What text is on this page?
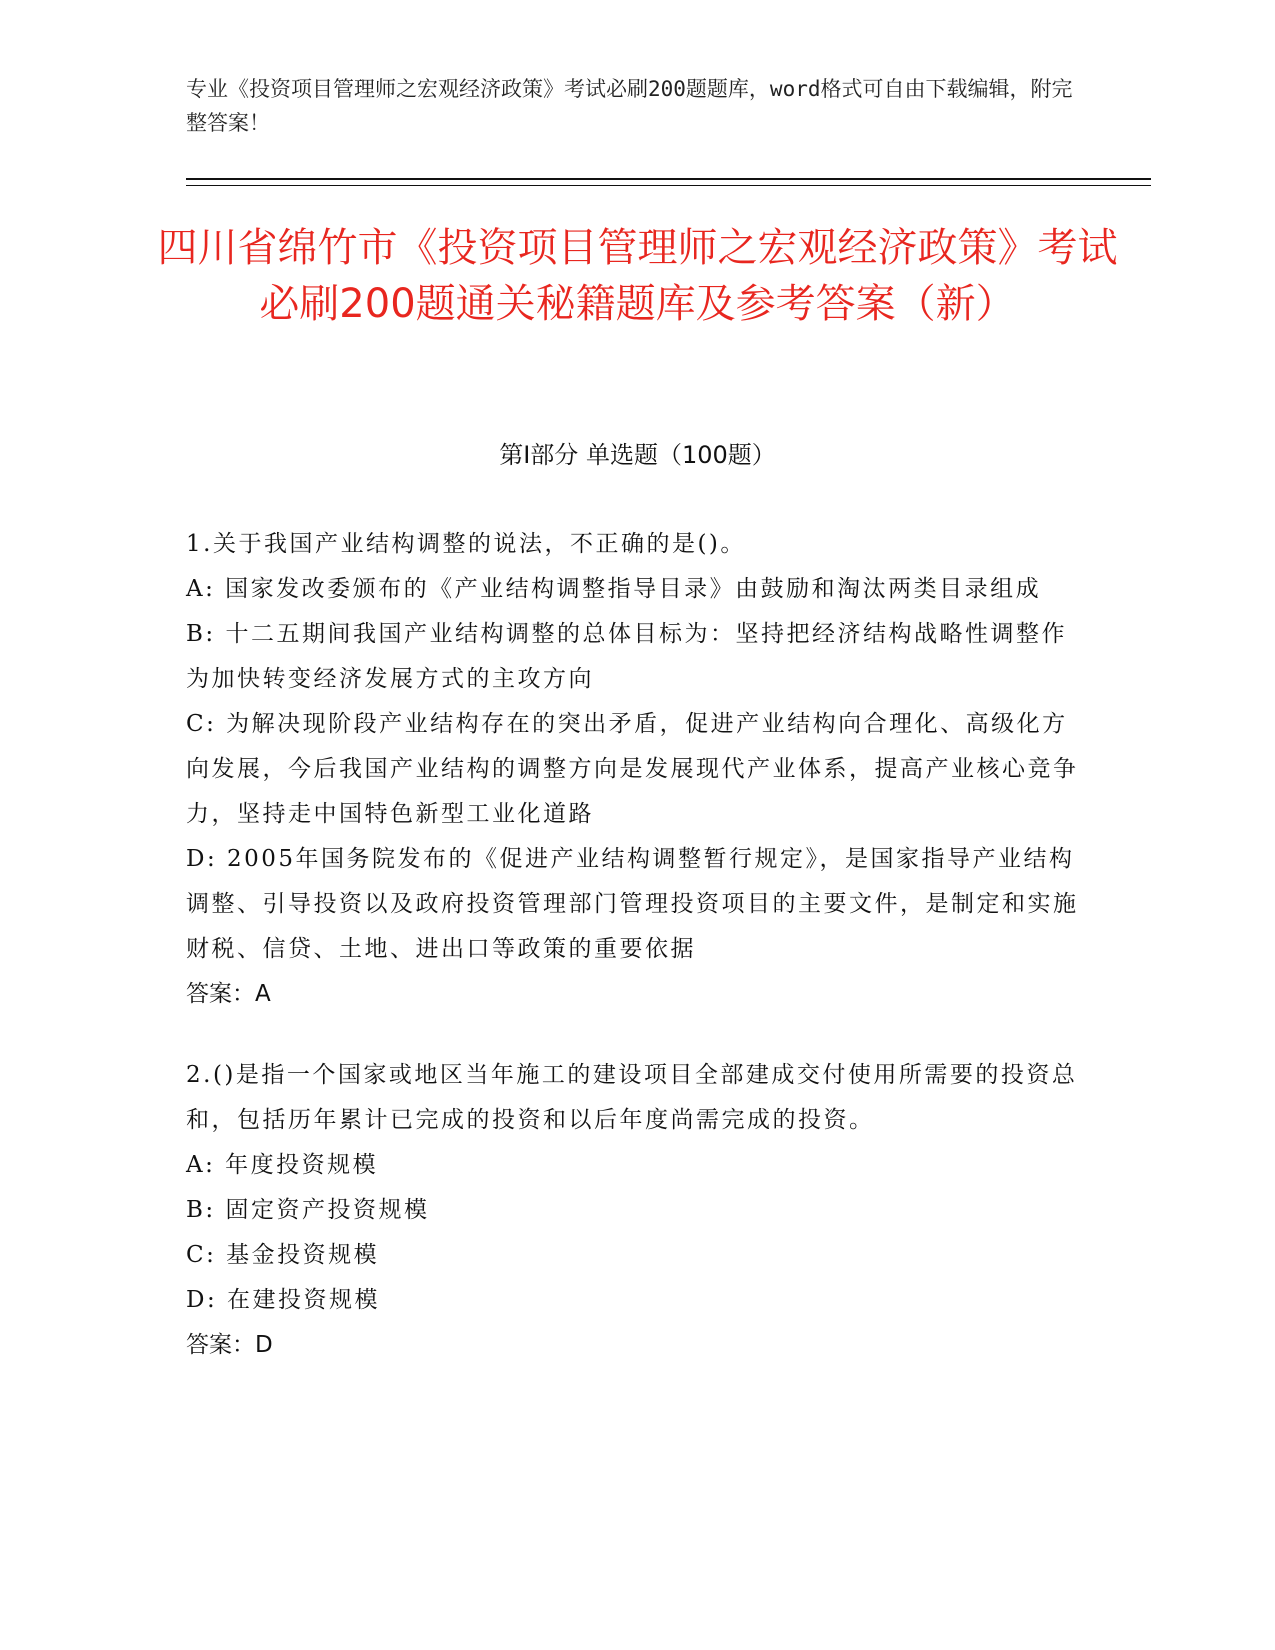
专业《投资项目管理师之宏观经济政策》考试必刷200题题库，word格式可自由下载编辑，附完整答案！
四川省绵竹市《投资项目管理师之宏观经济政策》考试必刷200题通关秘籍题库及参考答案（新）
第I部分 单选题（100题）

1.关于我国产业结构调整的说法，不正确的是()。

A: 国家发改委颁布的《产业结构调整指导目录》由鼓励和淘汰两类目录组成

B: 十二五期间我国产业结构调整的总体目标为：坚持把经济结构战略性调整作为加快转变经济发展方式的主攻方向

C: 为解决现阶段产业结构存在的突出矛盾，促进产业结构向合理化、高级化方向发展，今后我国产业结构的调整方向是发展现代产业体系，提高产业核心竞争力，坚持走中国特色新型工业化道路

D: 2005年国务院发布的《促进产业结构调整暂行规定》，是国家指导产业结构调整、引导投资以及政府投资管理部门管理投资项目的主要文件，是制定和实施财税、信贷、土地、进出口等政策的重要依据

答案：A

2.()是指一个国家或地区当年施工的建设项目全部建成交付使用所需要的投资总和，包括历年累计已完成的投资和以后年度尚需完成的投资。

A: 年度投资规模

B: 固定资产投资规模

C: 基金投资规模

D: 在建投资规模

答案：D
